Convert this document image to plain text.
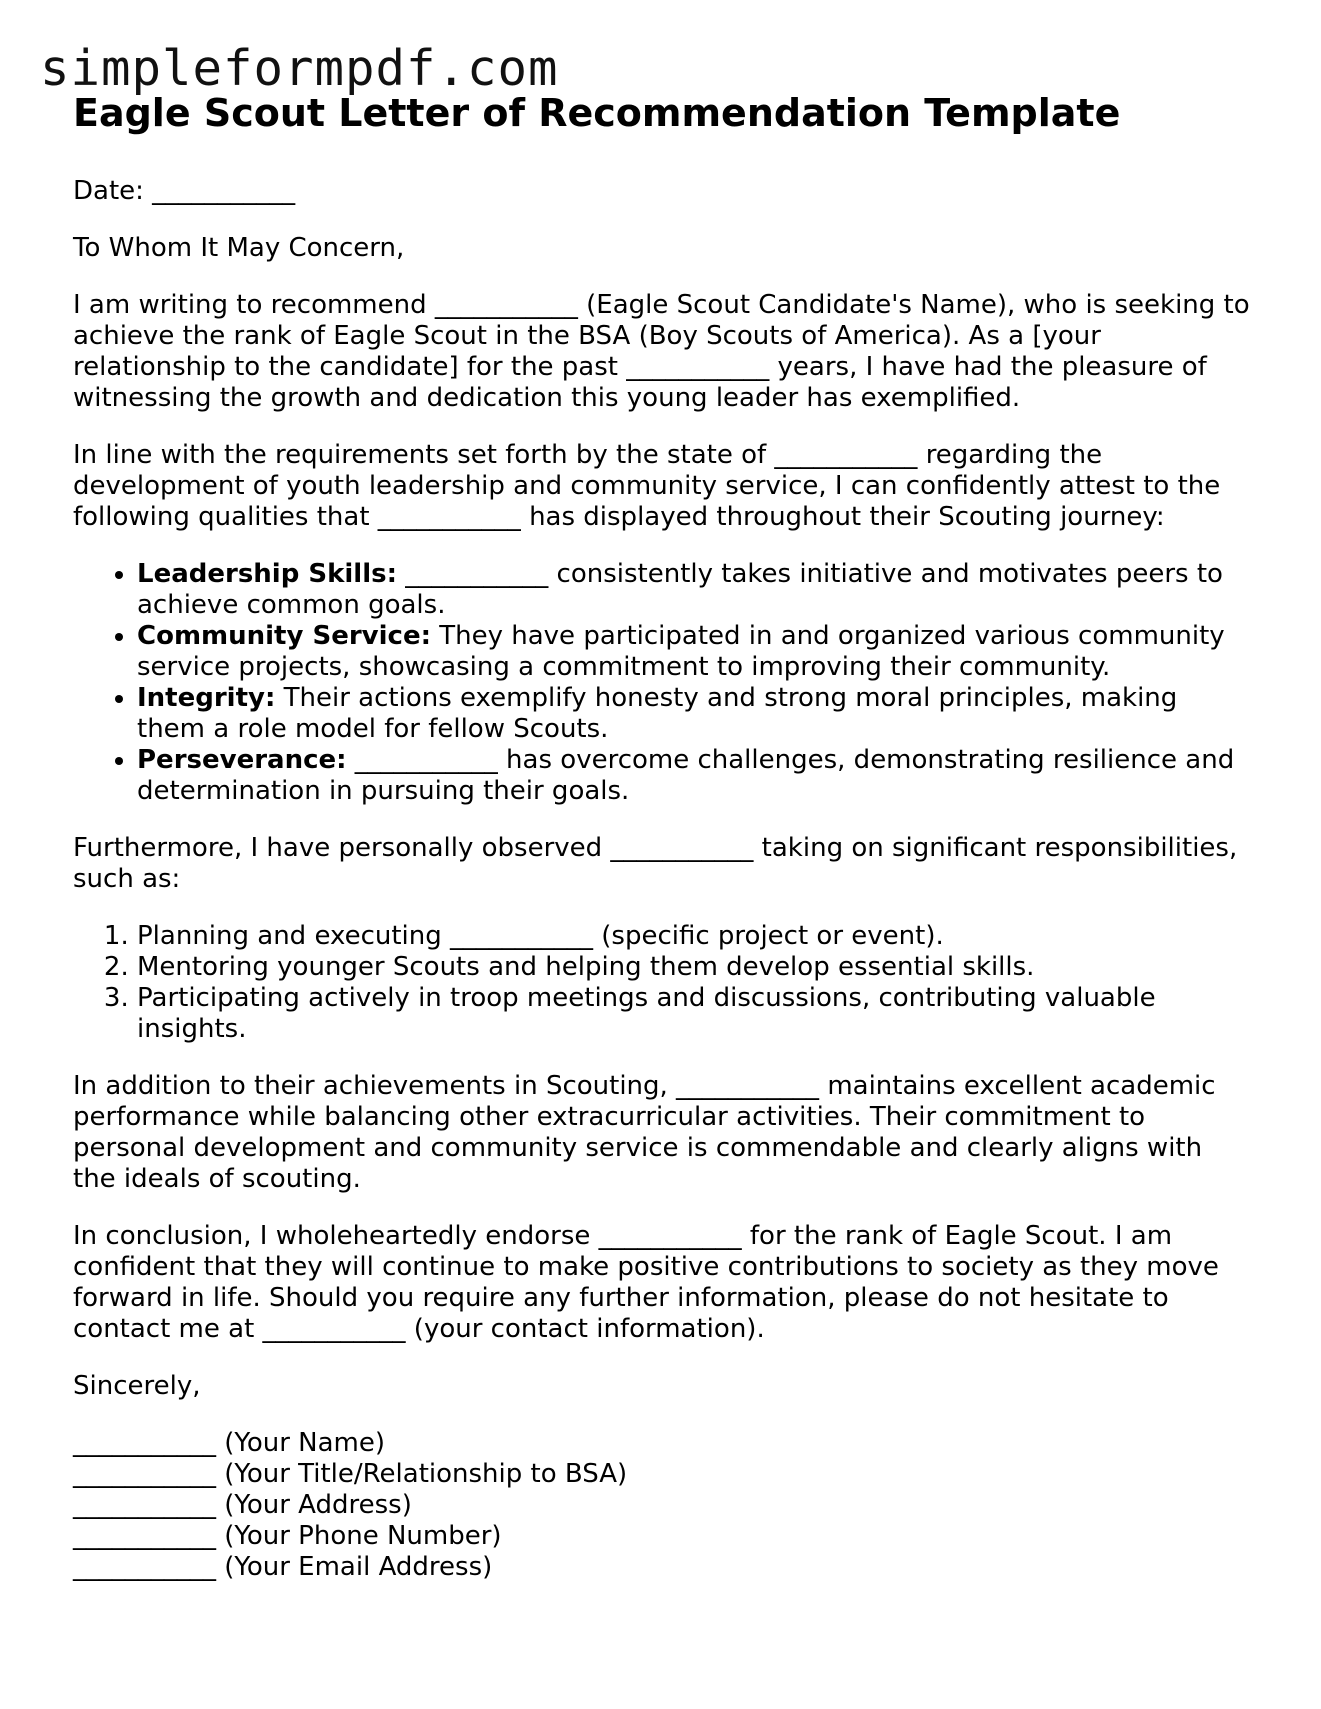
simpleformpdf.com
Eagle Scout Letter of Recommendation Template

Date: ___________

To Whom It May Concern,

I am writing to recommend ___________ (Eagle Scout Candidate's Name), who is seeking to achieve the rank of Eagle Scout in the BSA (Boy Scouts of America). As a [your relationship to the candidate] for the past ___________ years, I have had the pleasure of witnessing the growth and dedication this young leader has exemplified.

In line with the requirements set forth by the state of ___________ regarding the development of youth leadership and community service, I can confidently attest to the following qualities that ___________ has displayed throughout their Scouting journey:

• Leadership Skills: ___________ consistently takes initiative and motivates peers to achieve common goals.
• Community Service: They have participated in and organized various community service projects, showcasing a commitment to improving their community.
• Integrity: Their actions exemplify honesty and strong moral principles, making them a role model for fellow Scouts.
• Perseverance: ___________ has overcome challenges, demonstrating resilience and determination in pursuing their goals.

Furthermore, I have personally observed ___________ taking on significant responsibilities, such as:

1. Planning and executing ___________ (specific project or event).
2. Mentoring younger Scouts and helping them develop essential skills.
3. Participating actively in troop meetings and discussions, contributing valuable insights.

In addition to their achievements in Scouting, ___________ maintains excellent academic performance while balancing other extracurricular activities. Their commitment to personal development and community service is commendable and clearly aligns with the ideals of scouting.

In conclusion, I wholeheartedly endorse ___________ for the rank of Eagle Scout. I am confident that they will continue to make positive contributions to society as they move forward in life. Should you require any further information, please do not hesitate to contact me at ___________ (your contact information).

Sincerely,

___________ (Your Name)
___________ (Your Title/Relationship to BSA)
___________ (Your Address)
___________ (Your Phone Number)
___________ (Your Email Address)
